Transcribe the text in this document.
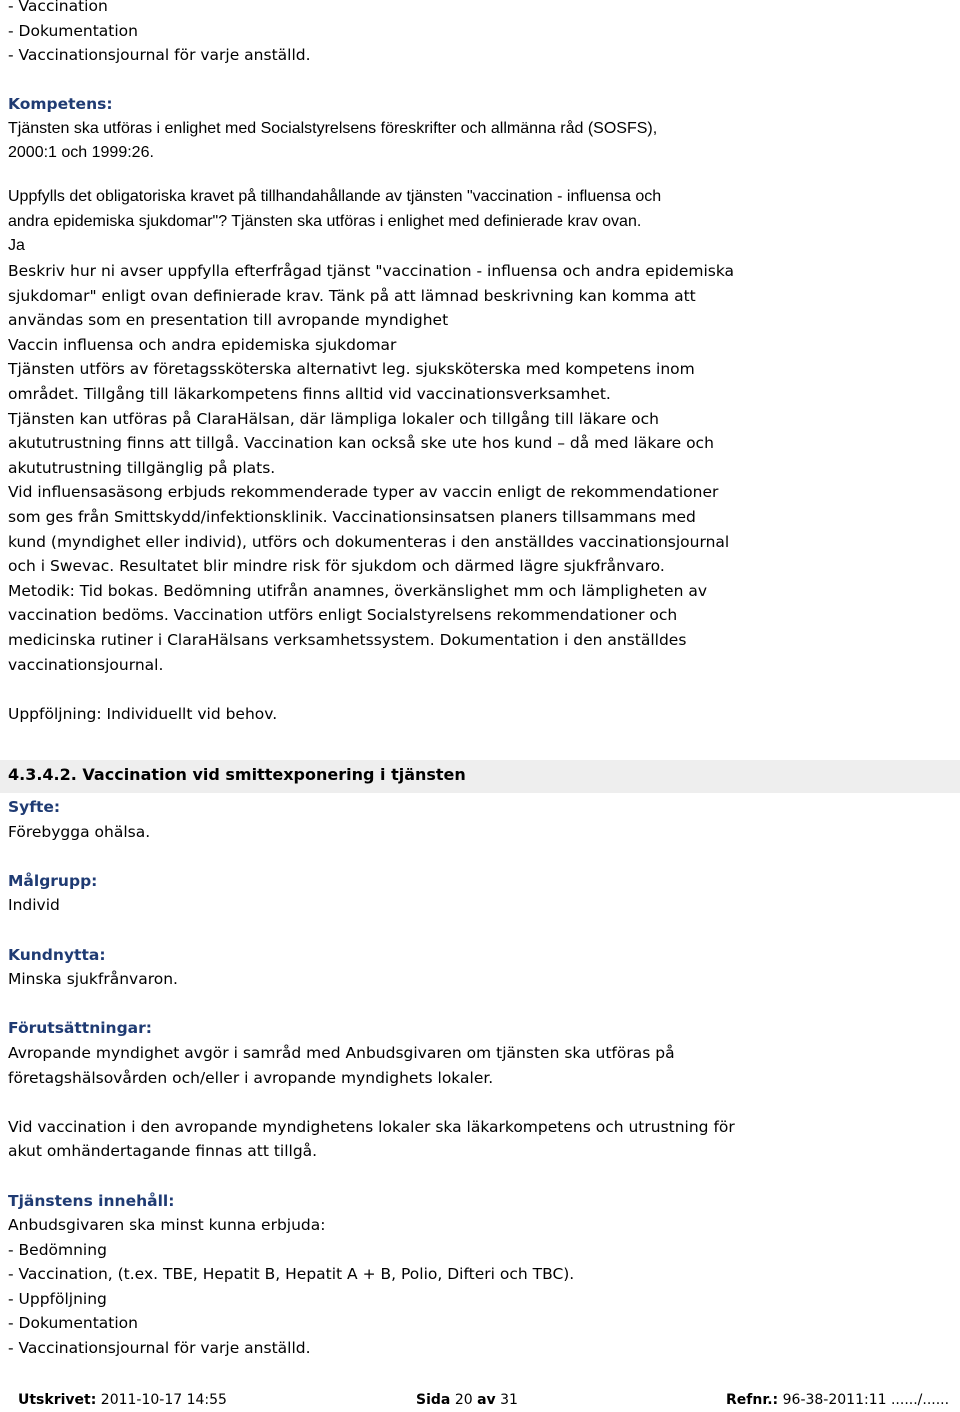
- Vaccination
- Dokumentation
- Vaccinationsjournal för varje anställd.
Kompetens:
Tjänsten ska utföras i enlighet med Socialstyrelsens föreskrifter och allmänna råd (SOSFS),
2000:1 och 1999:26.
Uppfylls det obligatoriska kravet på tillhandahållande av tjänsten "vaccination - influensa och
andra epidemiska sjukdomar"? Tjänsten ska utföras i enlighet med definierade krav ovan.
Ja
Beskriv hur ni avser uppfylla efterfrågad tjänst "vaccination - influensa och andra epidemiska
sjukdomar" enligt ovan definierade krav. Tänk på att lämnad beskrivning kan komma att
användas som en presentation till avropande myndighet
Vaccin influensa och andra epidemiska sjukdomar
Tjänsten utförs av företagssköterska alternativt leg. sjuksköterska med kompetens inom
området. Tillgång till läkarkompetens finns alltid vid vaccinationsverksamhet.
Tjänsten kan utföras på ClaraHälsan, där lämpliga lokaler och tillgång till läkare och
akututrustning finns att tillgå. Vaccination kan också ske ute hos kund – då med läkare och
akututrustning tillgänglig på plats.
Vid influensasäsong erbjuds rekommenderade typer av vaccin enligt de rekommendationer
som ges från Smittskydd/infektionsklinik. Vaccinationsinsatsen planers tillsammans med
kund (myndighet eller individ), utförs och dokumenteras i den anställdes vaccinationsjournal
och i Swevac. Resultatet blir mindre risk för sjukdom och därmed lägre sjukfrånvaro.
Metodik: Tid bokas. Bedömning utifrån anamnes, överkänslighet mm och lämpligheten av
vaccination bedöms. Vaccination utförs enligt Socialstyrelsens rekommendationer och
medicinska rutiner i ClaraHälsans verksamhetssystem. Dokumentation i den anställdes
vaccinationsjournal.
Uppföljning: Individuellt vid behov.
4.3.4.2. Vaccination vid smittexponering i tjänsten
Syfte:
Förebygga ohälsa.
Målgrupp:
Individ
Kundnytta:
Minska sjukfrånvaron.
Förutsättningar:
Avropande myndighet avgör i samråd med Anbudsgivaren om tjänsten ska utföras på
företagshälsovården och/eller i avropande myndighets lokaler.
Vid vaccination i den avropande myndighetens lokaler ska läkarkompetens och utrustning för
akut omhändertagande finnas att tillgå.
Tjänstens innehåll:
Anbudsgivaren ska minst kunna erbjuda:
- Bedömning
- Vaccination, (t.ex. TBE, Hepatit B, Hepatit A + B, Polio, Difteri och TBC).
- Uppföljning
- Dokumentation
- Vaccinationsjournal för varje anställd.
Utskrivet: 2011-10-17 14:55	Sida 20 av 31	Refnr.: 96-38-2011:11 ....../......
